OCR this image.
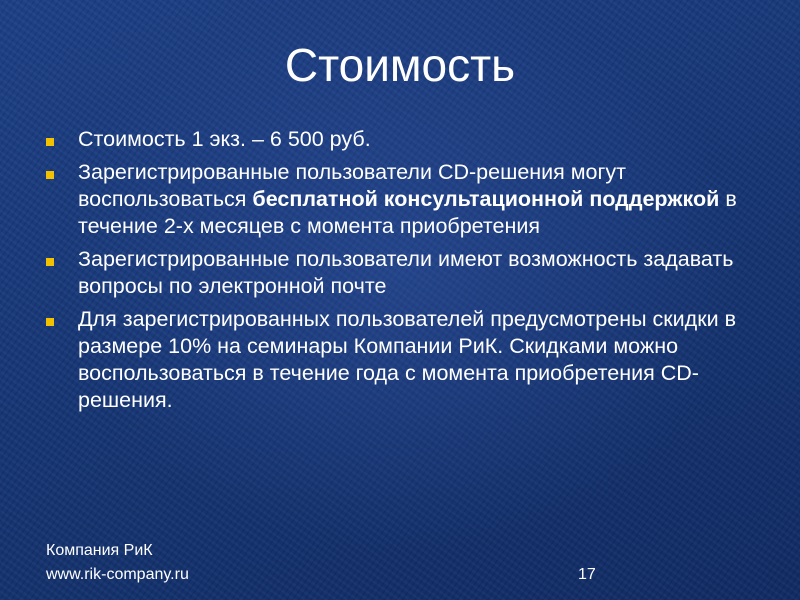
Стоимость
Стоимость 1 экз. – 6 500 руб.
Зарегистрированные пользователи CD-решения могут воспользоваться бесплатной консультационной поддержкой в течение 2-х месяцев с момента приобретения
Зарегистрированные пользователи имеют возможность задавать вопросы по электронной почте
Для зарегистрированных пользователей предусмотрены скидки в размере 10% на семинары Компании РиК. Скидками можно воспользоваться в течение года с момента приобретения CD-решения.
Компания РиК
www.rik-company.ru	17
